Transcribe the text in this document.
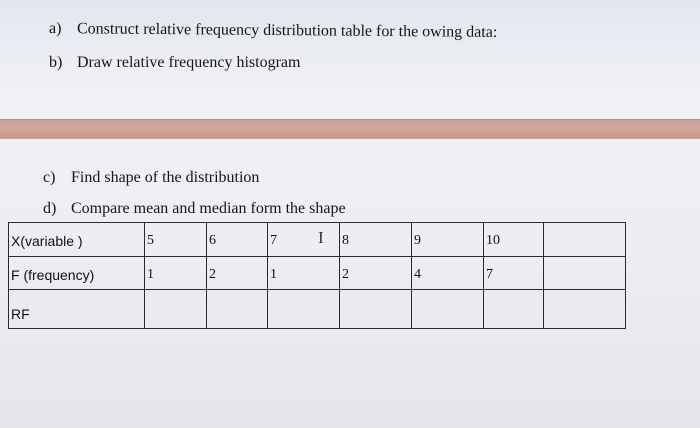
a) Construct relative frequency distribution table for the owing data:
b) Draw relative frequency histogram
c) Find shape of the distribution
d) Compare mean and median form the shape
X(variable )	5	6	7	8	9	10	
F (frequency)	1	2	1	2	4	7	
RF							
I
